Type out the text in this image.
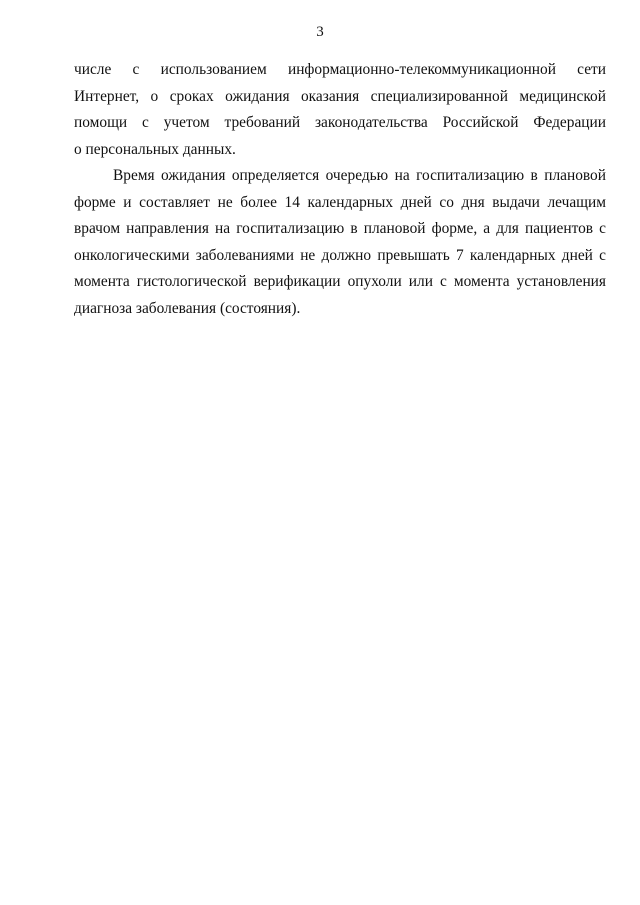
3
числе с использованием информационно-телекоммуникационной сети
Интернет, о сроках ожидания оказания специализированной медицинской
помощи с учетом требований законодательства Российской Федерации
о персональных данных.
Время ожидания определяется очередью на госпитализацию в плановой
форме и составляет не более 14 календарных дней со дня выдачи лечащим
врачом направления на госпитализацию в плановой форме, а для пациентов с
онкологическими заболеваниями не должно превышать 7 календарных дней с
момента гистологической верификации опухоли или с момента установления
диагноза заболевания (состояния).
